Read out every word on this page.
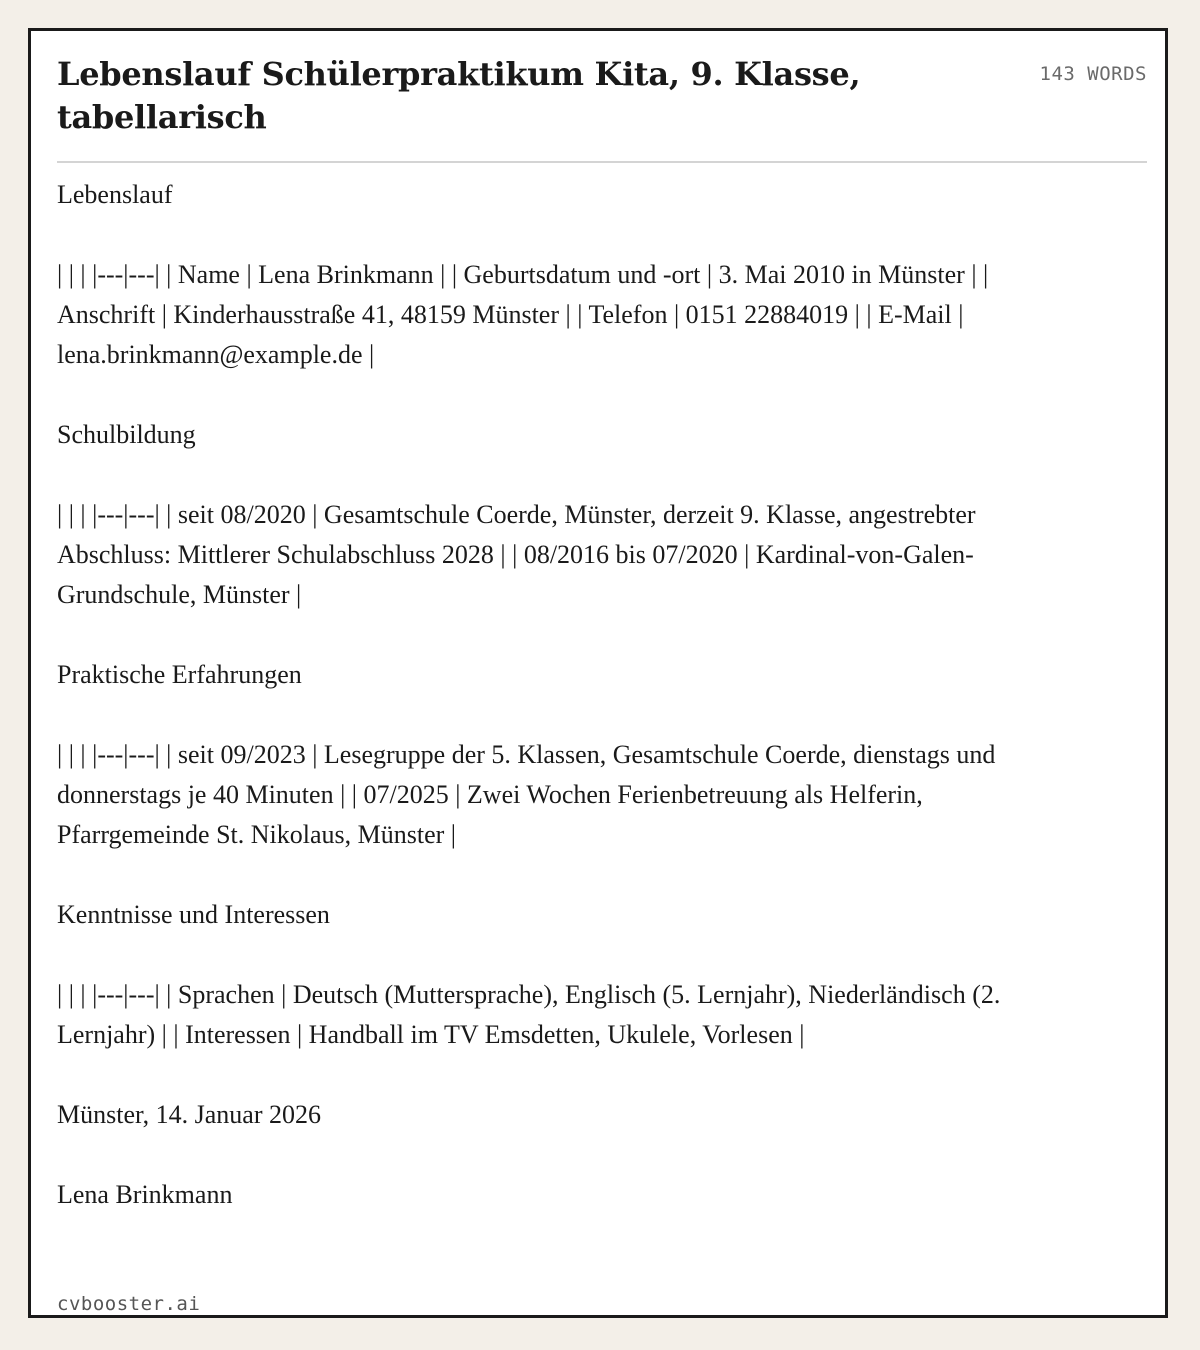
Lebenslauf Schülerpraktikum Kita, 9. Klasse, tabellarisch
143 WORDS
Lebenslauf

| | | |---|---| | Name | Lena Brinkmann | | Geburtsdatum und -ort | 3. Mai 2010 in Münster | | Anschrift | Kinderhausstraße 41, 48159 Münster | | Telefon | 0151 22884019 | | E-Mail | lena.brinkmann@example.de |

Schulbildung

| | | |---|---| | seit 08/2020 | Gesamtschule Coerde, Münster, derzeit 9. Klasse, angestrebter Abschluss: Mittlerer Schulabschluss 2028 | | 08/2016 bis 07/2020 | Kardinal-von-Galen-Grundschule, Münster |

Praktische Erfahrungen

| | | |---|---| | seit 09/2023 | Lesegruppe der 5. Klassen, Gesamtschule Coerde, dienstags und donnerstags je 40 Minuten | | 07/2025 | Zwei Wochen Ferienbetreuung als Helferin, Pfarrgemeinde St. Nikolaus, Münster |

Kenntnisse und Interessen

| | | |---|---| | Sprachen | Deutsch (Muttersprache), Englisch (5. Lernjahr), Niederländisch (2. Lernjahr) | | Interessen | Handball im TV Emsdetten, Ukulele, Vorlesen |

Münster, 14. Januar 2026

Lena Brinkmann
cvbooster.ai
